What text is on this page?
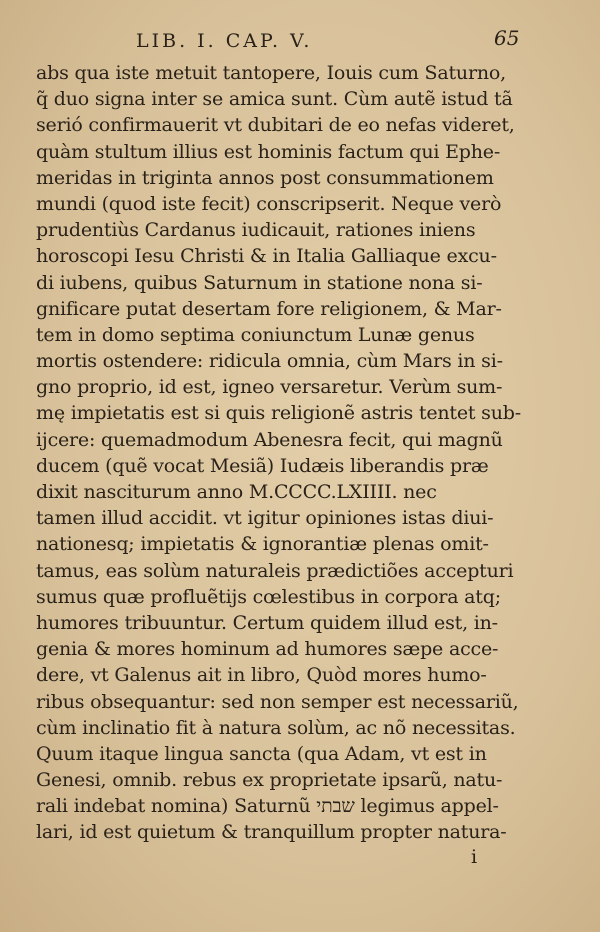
LIB. I. CAP. V.	65
abs qua iste metuit tantopere, Iouis cum Saturno,
q̃ duo signa inter se amica sunt. Cùm autẽ istud tã
serió confirmauerit vt dubitari de eo nefas videret,
quàm stultum illius est hominis factum qui Ephe-
meridas in triginta annos post consummationem
mundi (quod iste fecit) conscripserit. Neque verò
prudentiùs Cardanus iudicauit, rationes iniens
horoscopi Iesu Christi & in Italia Galliaque excu-
di iubens, quibus Saturnum in statione nona si-
gnificare putat desertam fore religionem, & Mar-
tem in domo septima coniunctum Lunæ genus
mortis ostendere: ridicula omnia, cùm Mars in si-
gno proprio, id est, igneo versaretur. Verùm sum-
mę impietatis est si quis religionẽ astris tentet sub-
ijcere: quemadmodum Abenesra fecit, qui magnũ
ducem (quẽ vocat Mesiã) Iudæis liberandis præ
dixit nasciturum anno M.CCCC.LXIIII. nec
tamen illud accidit. vt igitur opiniones istas diui-
nationesq; impietatis & ignorantiæ plenas omit-
tamus, eas solùm naturaleis prædictiões accepturi
sumus quæ profluẽtijs cœlestibus in corpora atq;
humores tribuuntur. Certum quidem illud est, in-
genia & mores hominum ad humores sæpe acce-
dere, vt Galenus ait in libro, Quòd mores humo-
ribus obsequantur: sed non semper est necessariũ,
cùm inclinatio fit à natura solùm, ac nõ necessitas.
Quum itaque lingua sancta (qua Adam, vt est in
Genesi, omnib. rebus ex proprietate ipsarũ, natu-
rali indebat nomina) Saturnũ שבתי legimus appel-
lari, id est quietum & tranquillum propter natura-
i
